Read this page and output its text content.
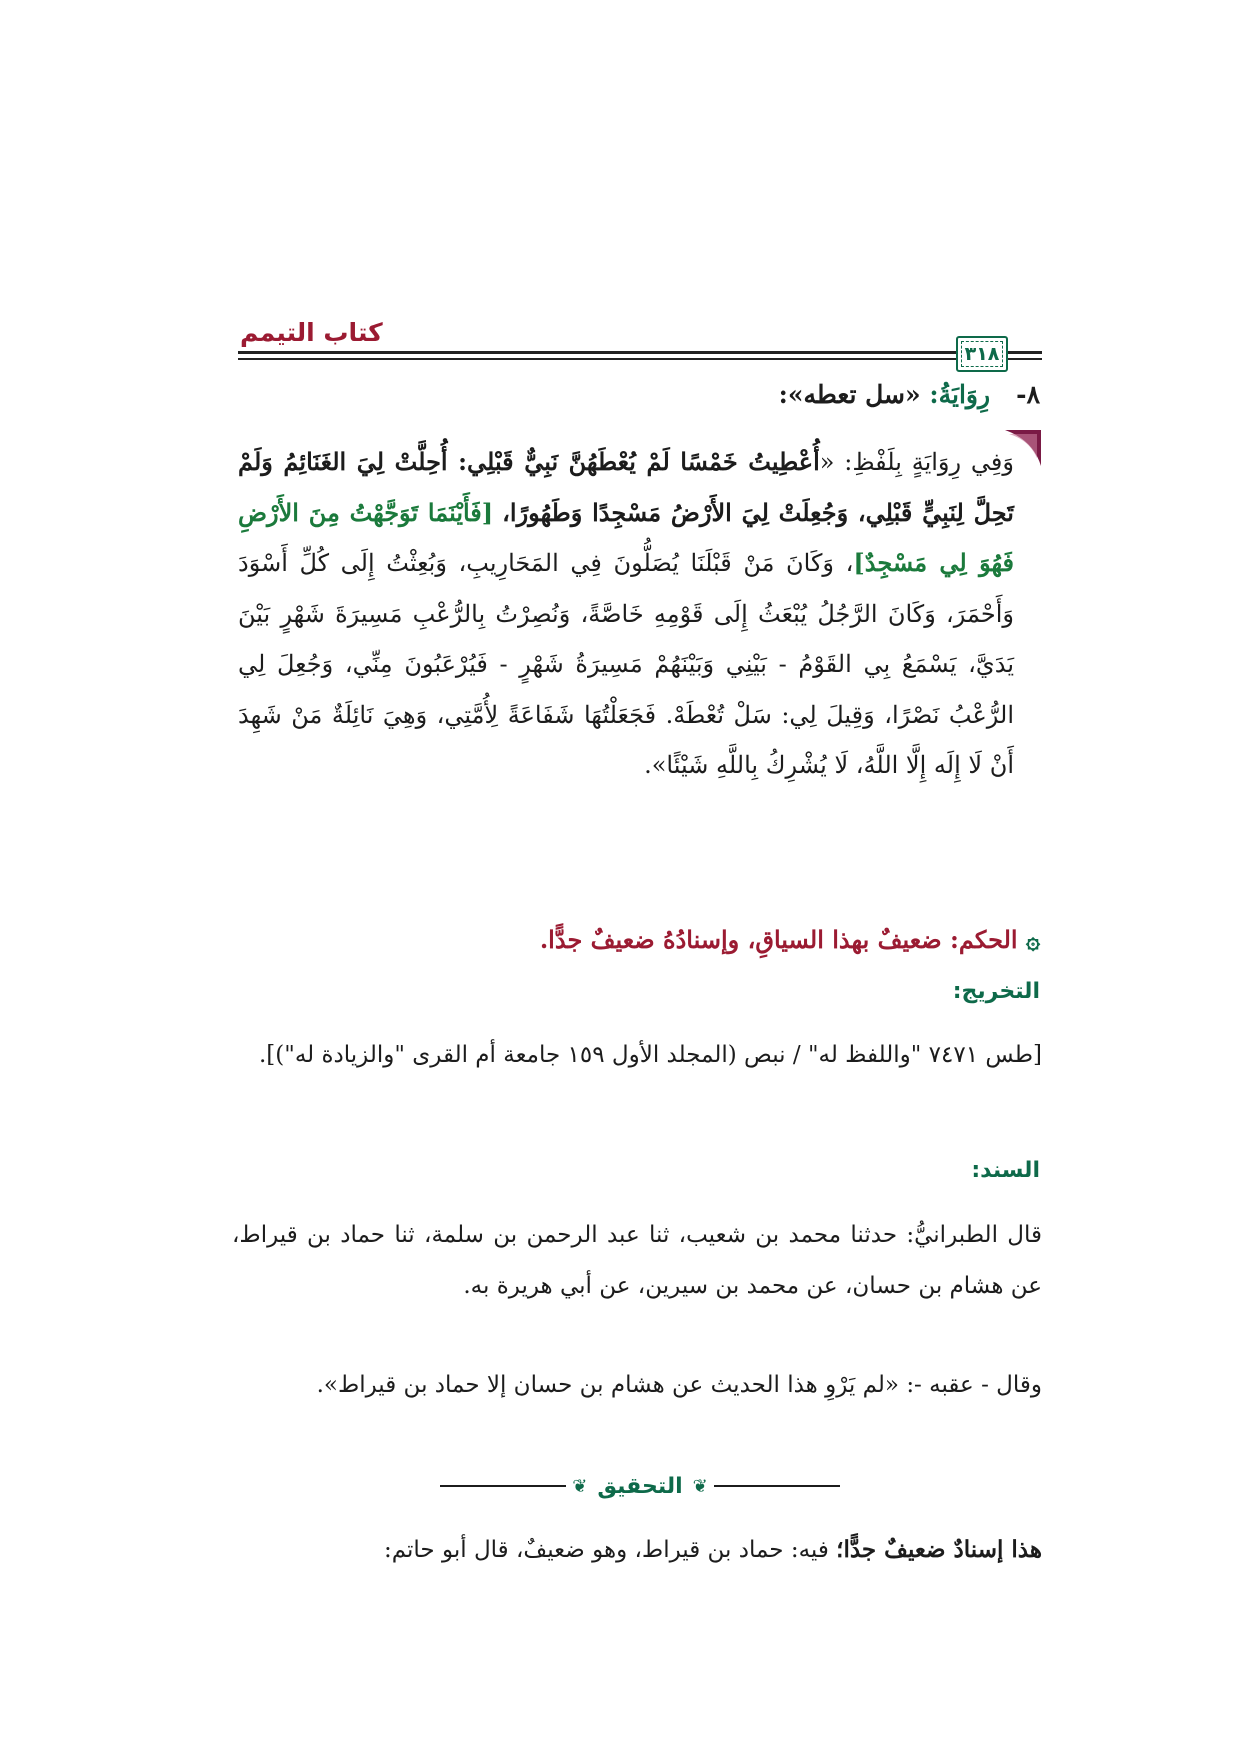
كتاب التيمم
٣١٨
٨-   رِوَايَةُ: «سل تعطه»:
وَفِي رِوَايَةٍ بِلَفْظِ: «أُعْطِيتُ خَمْسًا لَمْ يُعْطَهُنَّ نَبِيٌّ قَبْلِي: أُحِلَّتْ لِيَ الغَنَائِمُ وَلَمْ تَحِلَّ لِنَبِيٍّ قَبْلِي، وَجُعِلَتْ لِيَ الأَرْضُ مَسْجِدًا وَطَهُورًا، [فَأَيْنَمَا تَوَجَّهْتُ مِنَ الأَرْضِ فَهُوَ لِي مَسْجِدٌ]، وَكَانَ مَنْ قَبْلَنَا يُصَلُّونَ فِي المَحَارِيبِ، وَبُعِثْتُ إِلَى كُلِّ أَسْوَدَ وَأَحْمَرَ، وَكَانَ الرَّجُلُ يُبْعَثُ إِلَى قَوْمِهِ خَاصَّةً، وَنُصِرْتُ بِالرُّعْبِ مَسِيرَةَ شَهْرٍ بَيْنَ يَدَيَّ، يَسْمَعُ بِي القَوْمُ - بَيْنِي وَبَيْنَهُمْ مَسِيرَةُ شَهْرٍ - فَيُرْعَبُونَ مِنِّي، وَجُعِلَ لِي الرُّعْبُ نَصْرًا، وَقِيلَ لِي: سَلْ تُعْطَهْ. فَجَعَلْتُهَا شَفَاعَةً لِأُمَّتِي، وَهِيَ نَائِلَةٌ مَنْ شَهِدَ أَنْ لَا إِلَه إِلَّا اللَّهُ، لَا يُشْرِكُ بِاللَّهِ شَيْئًا».
۞ الحكم: ضعيفٌ بهذا السياقِ، وإسنادُهُ ضعيفٌ جدًّا.
التخريج:
[طس ٧٤٧١ "واللفظ له" / نبص (المجلد الأول ١٥٩ جامعة أم القرى "والزيادة له")].
السند:
قال الطبرانيُّ: حدثنا محمد بن شعيب، ثنا عبد الرحمن بن سلمة، ثنا حماد بن قيراط، عن هشام بن حسان، عن محمد بن سيرين، عن أبي هريرة به.
وقال - عقبه -: «لم يَرْوِ هذا الحديث عن هشام بن حسان إلا حماد بن قيراط».
❦
التحقيق
❦
هذا إسنادٌ ضعيفٌ جدًّا؛ فيه: حماد بن قيراط، وهو ضعيفٌ، قال أبو حاتم:
